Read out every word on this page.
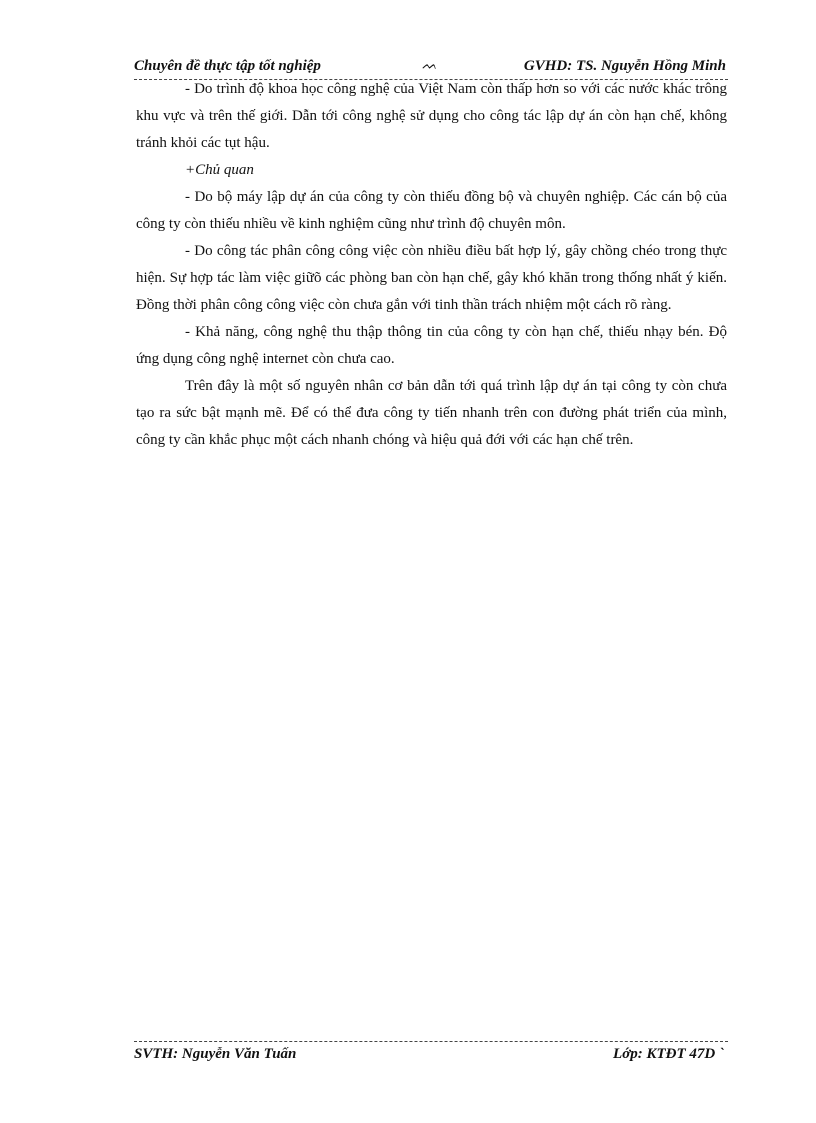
Chuyên đề thực tập tốt nghiệp	ᨓ	GVHD: TS. Nguyễn Hồng Minh

- Do trình độ khoa học công nghệ của Việt Nam còn thấp hơn so với các nước khác trông khu vực và trên thế giới. Dẫn tới công nghệ sử dụng cho công tác lập dự án còn hạn chế, không tránh khỏi các tụt hậu.

+Chủ quan

- Do bộ máy lập dự án của công ty còn thiếu đồng bộ và chuyên nghiệp. Các cán bộ của công ty còn thiếu nhiều về kinh nghiệm cũng như trình độ chuyên môn.

- Do công tác phân công công việc còn nhiều điều bất hợp lý, gây chồng chéo trong thực hiện. Sự hợp tác làm việc giữõ các phòng ban còn hạn chế, gây khó khăn trong thống nhất ý kiến. Đồng thời phân công công việc còn chưa gắn với tinh thần trách nhiệm một cách rõ ràng.

- Khả năng, công nghệ thu thập thông tin của công ty còn hạn chế, thiếu nhạy bén. Độ ứng dụng công nghệ internet còn chưa cao.

Trên đây là một số nguyên nhân cơ bản dẫn tới quá trình lập dự án tại công ty còn chưa tạo ra sức bật mạnh mẽ. Để có thể đưa công ty tiến nhanh trên con đường phát triển của mình, công ty cần khắc phục một cách nhanh chóng và hiệu quả đới với các hạn chế trên.

SVTH: Nguyễn Văn Tuấn	Lớp: KTĐT 47D `
